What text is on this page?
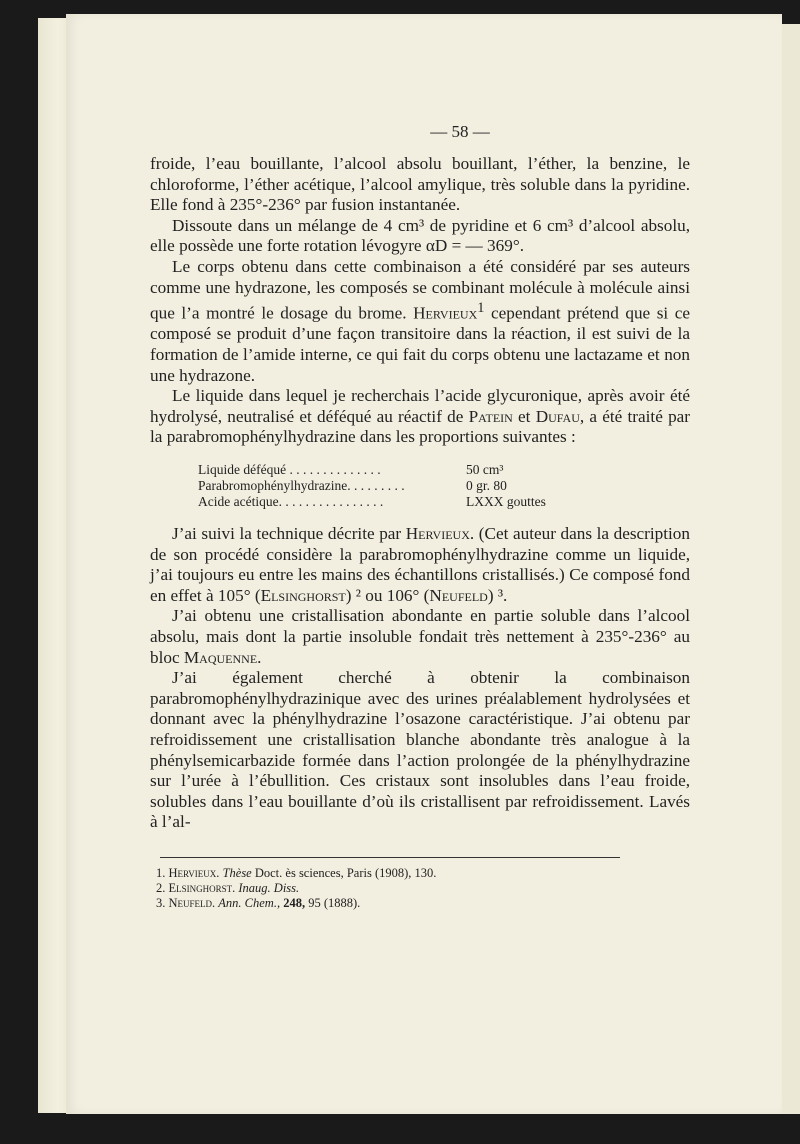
— 58 —

froide, l’eau bouillante, l’alcool absolu bouillant, l’éther, la benzine, le chloroforme, l’éther acétique, l’alcool amylique, très soluble dans la pyridine. Elle fond à 235°-236° par fusion instantanée.

Dissoute dans un mélange de 4 cm³ de pyridine et 6 cm³ d’alcool absolu, elle possède une forte rotation lévogyre αD = — 369°.

Le corps obtenu dans cette combinaison a été considéré par ses auteurs comme une hydrazone, les composés se combinant molécule à molécule ainsi que l’a montré le dosage du brome. Hervieux$^1$ cependant prétend que si ce composé se produit d’une façon transitoire dans la réaction, il est suivi de la formation de l’amide interne, ce qui fait du corps obtenu une lactazame et non une hydrazone.

Le liquide dans lequel je recherchais l’acide glycuronique, après avoir été hydrolysé, neutralisé et déféqué au réactif de Patein et Dufau, a été traité par la parabromophénylhydrazine dans les proportions suivantes :

Liquide déféqué . . . . . . . . . . . . . .	50 cm³
Parabromophénylhydrazine. . . . . . . . .	0 gr. 80
Acide acétique. . . . . . . . . . . . . . . .	LXXX gouttes

J’ai suivi la technique décrite par Hervieux. (Cet auteur dans la description de son procédé considère la parabromophénylhydrazine comme un liquide, j’ai toujours eu entre les mains des échantillons cristallisés.) Ce composé fond en effet à 105° (Elsinghorst) ² ou 106° (Neufeld) ³.

J’ai obtenu une cristallisation abondante en partie soluble dans l’alcool absolu, mais dont la partie insoluble fondait très nettement à 235°-236° au bloc Maquenne.

J’ai également cherché à obtenir la combinaison parabromophénylhydrazinique avec des urines préalablement hydrolysées et donnant avec la phénylhydrazine l’osazone caractéristique. J’ai obtenu par refroidissement une cristallisation blanche abondante très analogue à la phénylsemicarbazide formée dans l’action prolongée de la phénylhydrazine sur l’urée à l’ébullition. Ces cristaux sont insolubles dans l’eau froide, solubles dans l’eau bouillante d’où ils cristallisent par refroidissement. Lavés à l’al-

1. Hervieux. Thèse Doct. ès sciences, Paris (1908), 130.
2. Elsinghorst. Inaug. Diss.
3. Neufeld. Ann. Chem., 248, 95 (1888).
